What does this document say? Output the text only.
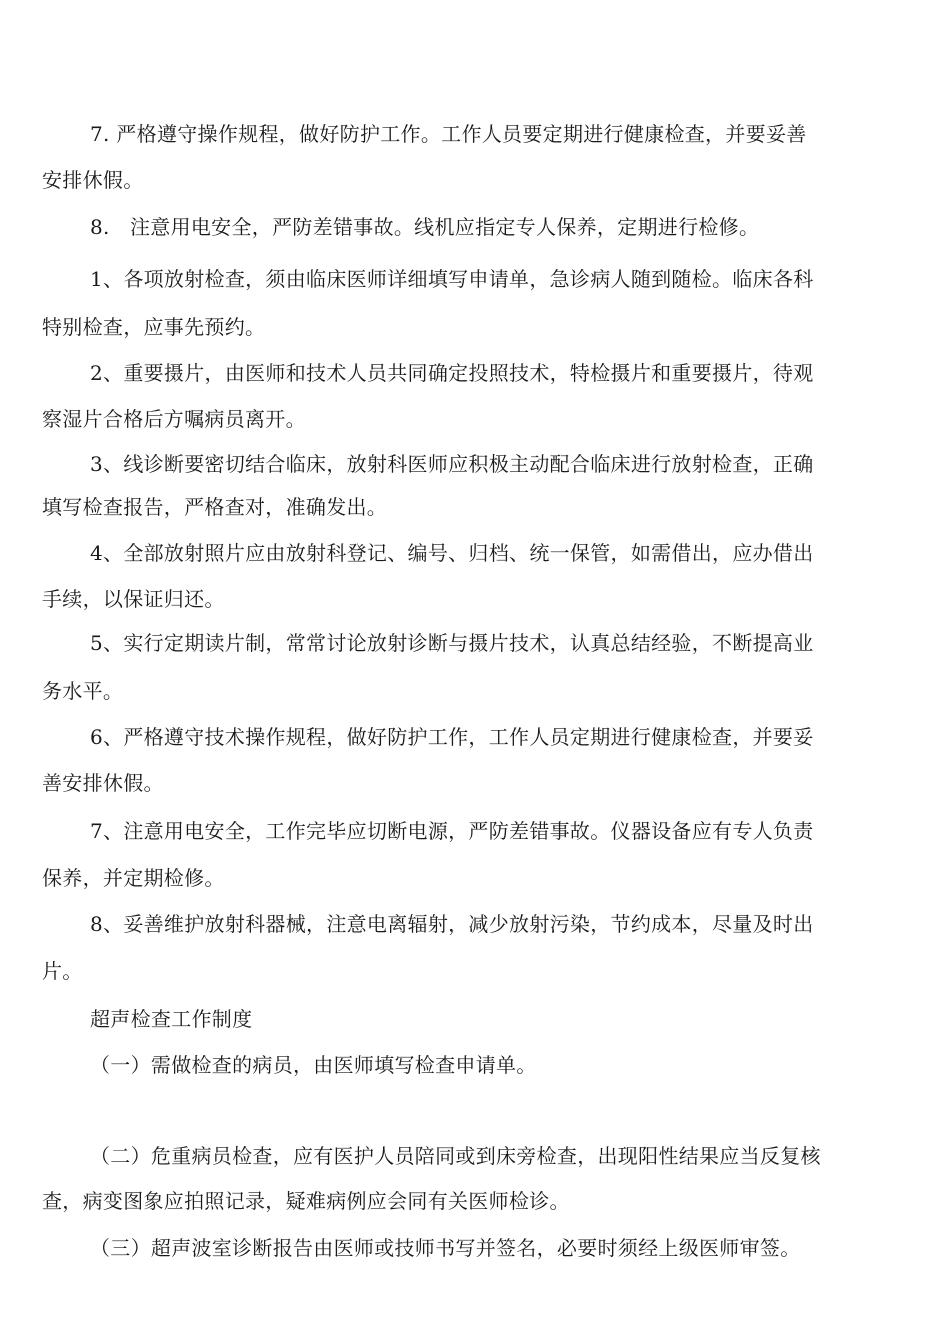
7. 严格遵守操作规程，做好防护工作。工作人员要定期进行健康检查，并要妥善

安排休假。

8.　注意用电安全，严防差错事故。线机应指定专人保养，定期进行检修。

1、各项放射检查，须由临床医师详细填写申请单，急诊病人随到随检。临床各科

特别检查，应事先预约。

2、重要摄片，由医师和技术人员共同确定投照技术，特检摄片和重要摄片，待观

察湿片合格后方嘱病员离开。

3、线诊断要密切结合临床，放射科医师应积极主动配合临床进行放射检查，正确

填写检查报告，严格查对，准确发出。

4、全部放射照片应由放射科登记、编号、归档、统一保管，如需借出，应办借出

手续，以保证归还。

5、实行定期读片制，常常讨论放射诊断与摄片技术，认真总结经验，不断提高业

务水平。

6、严格遵守技术操作规程，做好防护工作，工作人员定期进行健康检查，并要妥

善安排休假。

7、注意用电安全，工作完毕应切断电源，严防差错事故。仪器设备应有专人负责

保养，并定期检修。

8、妥善维护放射科器械，注意电离辐射，减少放射污染，节约成本，尽量及时出

片。

超声检查工作制度

（一）需做检查的病员，由医师填写检查申请单。

（二）危重病员检查，应有医护人员陪同或到床旁检查，出现阳性结果应当反复核

查，病变图象应拍照记录，疑难病例应会同有关医师检诊。

（三）超声波室诊断报告由医师或技师书写并签名，必要时须经上级医师审签。
